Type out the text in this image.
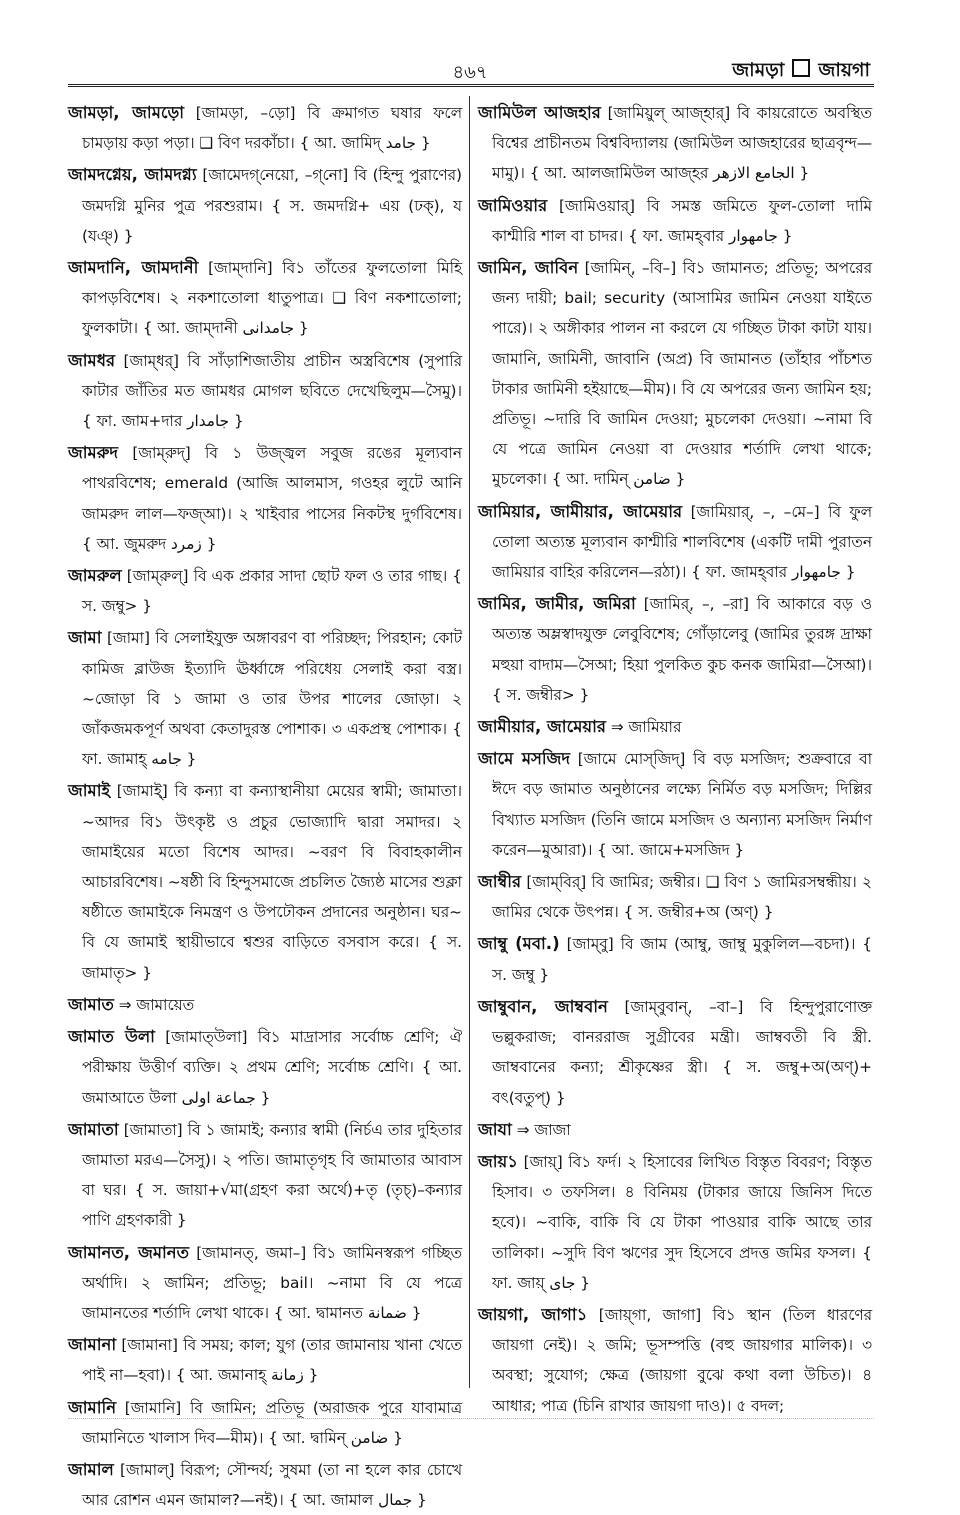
৪৬৭	জামড়া জায়গা

জামড়া, জামড়ো [জামড়া, –ড়ো] বি ক্রমাগত ঘষার ফলে চামড়ায় কড়া পড়া। ❑ বিণ দরকাঁচা। { আ. জামিদ্ جامد }

জামদগ্নেয়, জামদগ্ন্য [জামেদগ্‌নেয়ো, –গ্‌নো] বি (হিন্দু পুরাণের) জমদগ্নি মুনির পুত্র পরশুরাম। { স. জমদগ্নি+ এয় (ঢক্‌), য (যঞ্‌) }

জামদানি, জামদানী [জাম্‌দানি] বি১ তাঁতের ফুলতোলা মিহি কাপড়বিশেষ। ২ নকশাতোলা ধাতুপাত্র। ❑ বিণ নকশাতোলা; ফুলকাটা। { আ. জাম্‌দানী جامدانی }

জামধর [জাম্‌ধর্‌] বি সাঁড়াশিজাতীয় প্রাচীন অস্ত্রবিশেষ (সুপারি কাটার জাঁতির মত জামধর মোগল ছবিতে দেখেছিলুম—সৈমু)। { ফা. জাম+দার جامدار }

জামরুদ [জাম্‌রুদ্‌] বি ১ উজ্জ্বল সবুজ রঙের মূল্যবান পাথরবিশেষ; emerald (আজি আলমাস, গওহর লুটে আনি জামরুদ লাল—ফজ্‌আ)। ২ খাইবার পাসের নিকটস্থ দুর্গবিশেষ। { আ. জুমরুদ زمرد }

জামরুল [জাম্‌রুল্‌] বি এক প্রকার সাদা ছোট ফল ও তার গাছ। { স. জম্বু> }

জামা [জামা] বি সেলাইযুক্ত অঙ্গাবরণ বা পরিচ্ছদ; পিরহান; কোট কামিজ ব্লাউজ ইত্যাদি ঊর্ধ্বাঙ্গে পরিধেয় সেলাই করা বস্ত্র। ~জোড়া বি ১ জামা ও তার উপর শালের জোড়া। ২ জাঁকজমকপূর্ণ অথবা কেতাদুরস্ত পোশাক। ৩ একপ্রস্থ পোশাক। { ফা. জামাহ্‌ جامه }

জামাই [জামাই্‌] বি কন্যা বা কন্যাস্থানীয়া মেয়ের স্বামী; জামাতা। ~আদর বি১ উৎকৃষ্ট ও প্রচুর ভোজ্যাদি দ্বারা সমাদর। ২ জামাইয়ের মতো বিশেষ আদর। ~বরণ বি বিবাহকালীন আচারবিশেষ। ~ষষ্ঠী বি হিন্দুসমাজে প্রচলিত জ্যৈষ্ঠ মাসের শুক্লা ষষ্ঠীতে জামাইকে নিমন্ত্রণ ও উপঢৌকন প্রদানের অনুষ্ঠান। ঘর~ বি যে জামাই স্থায়ীভাবে শ্বশুর বাড়িতে বসবাস করে। { স. জামাতৃ> }

জামাত ⇒ জামায়েত

জামাত উলা [জামাত্‌উলা] বি১ মাদ্রাসার সর্বোচ্চ শ্রেণি; ঐ পরীক্ষায় উত্তীর্ণ ব্যক্তি। ২ প্রথম শ্রেণি; সর্বোচ্চ শ্রেণি। { আ. জমাআতে উলা جماعة اولی }

জামাতা [জামাতা] বি ১ জামাই; কন্যার স্বামী (নির্চএ তার দুহিতার জামাতা মরএ—সৈসু)। ২ পতি। জামাতৃগৃহ বি জামাতার আবাস বা ঘর। { স. জায়া+√মা(গ্রহণ করা অর্থে)+তৃ (তৃচ্‌)–কন্যার পাণি গ্রহণকারী }

জামানত, জমানত [জামানত্‌, জমা–] বি১ জামিনস্বরূপ গচ্ছিত অর্থাদি। ২ জামিন; প্রতিভূ; bail। ~নামা বি যে পত্রে জামানতের শর্তাদি লেখা থাকে। { আ. দ্বামানত ضمانة }

জামানা [জামানা] বি সময়; কাল; যুগ (তার জামানায় খানা খেতে পাই না—হবা)। { আ. জমানাহ্‌ زمانة }

জামানি [জামানি] বি জামিন; প্রতিভূ (অরাজক পুরে যাবামাত্র জামানিতে খালাস দিব—মীম)। { আ. দ্বামিন্‌ ضامن }

জামাল [জামাল্‌] বিরূপ; সৌন্দর্য; সুষমা (তা না হলে কার চোখে আর রোশন এমন জামাল?—নই)। { আ. জামাল جمال }

জামিউল আজহার [জামিয়ুল্‌ আজ্‌হার্‌] বি কায়রোতে অবস্থিত বিশ্বের প্রাচীনতম বিশ্ববিদ্যালয় (জামিউল আজহারের ছাত্রবৃন্দ—মামু)। { আ. আলজামিউল আজ্‌হর الجامع الازهر }

জামিওয়ার [জামিওয়ার্‌] বি সমস্ত জমিতে ফুল-তোলা দামি কাশ্মীরি শাল বা চাদর। { ফা. জামহ্‌বার جامهوار }

জামিন, জাবিন [জামিন্‌, –বি–] বি১ জামানত; প্রতিভূ; অপরের জন্য দায়ী; bail; security (আসামির জামিন নেওয়া যাইতে পারে)। ২ অঙ্গীকার পালন না করলে যে গচ্ছিত টাকা কাটা যায়। জামানি, জামিনী, জাবানি (অপ্র) বি জামানত (তাঁহার পাঁচশত টাকার জামিনী হইয়াছে—মীম)। বি যে অপরের জন্য জামিন হয়; প্রতিভূ। ~দারি বি জামিন দেওয়া; মুচলেকা দেওয়া। ~নামা বি যে পত্রে জামিন নেওয়া বা দেওয়ার শর্তাদি লেখা থাকে; মুচলেকা। { আ. দামিন্‌ ضامن }

জামিয়ার, জামীয়ার, জামেয়ার [জামিয়ার্‌, –, –মে–] বি ফুল তোলা অত্যন্ত মূল্যবান কাশ্মীরি শালবিশেষ (একটি দামী পুরাতন জামিয়ার বাহির করিলেন—রঠা)। { ফা. জামহ্‌বার جامهوار }

জামির, জামীর, জমিরা [জামির্‌, –, –রা] বি আকারে বড় ও অত্যন্ত অম্লস্বাদযুক্ত লেবুবিশেষ; গোঁড়ালেবু (জামির তুরঙ্গ দ্রাক্ষা মহুয়া বাদাম—সৈআ; হিয়া পুলকিত কুচ কনক জামিরা—সৈআ)। { স. জম্বীর> }

জামীয়ার, জামেয়ার ⇒ জামিয়ার

জামে মসজিদ [জামে মোস্‌জিদ্‌] বি বড় মসজিদ; শুক্রবারে বা ঈদে বড় জামাত অনুষ্ঠানের লক্ষ্যে নির্মিত বড় মসজিদ; দিল্লির বিখ্যাত মসজিদ (তিনি জামে মসজিদ ও অন্যান্য মসজিদ নির্মাণ করেন—মুআরা)। { আ. জামে+মসজিদ }

জাম্বীর [জাম্‌বির্‌] বি জামির; জম্বীর। ❑ বিণ ১ জামিরসম্বন্ধীয়। ২ জামির থেকে উৎপন্ন। { স. জম্বীর+অ (অণ্‌) }

জাম্বু (মবা.) [জাম্‌বু] বি জাম (আম্বু, জাম্বু মুকুলিল—বচদা)। { স. জম্বু }

জাম্বুবান, জাম্ববান [জাম্‌বুবান্‌, –বা–] বি হিন্দুপুরাণোক্ত ভল্লুকরাজ; বানররাজ সুগ্রীবের মন্ত্রী। জাম্ববতী বি স্ত্রী. জাম্ববানের কন্যা; শ্রীকৃষ্ণের স্ত্রী। { স. জম্বু+অ(অণ্‌)+ বৎ(বতুপ্‌) }

জাযা ⇒ জাজা

জায়১ [জায়্‌] বি১ ফর্দ। ২ হিসাবের লিখিত বিস্তৃত বিবরণ; বিস্তৃত হিসাব। ৩ তফসিল। ৪ বিনিময় (টাকার জায়ে জিনিস দিতে হবে)। ~বাকি, বাকি বি যে টাকা পাওয়ার বাকি আছে তার তালিকা। ~সুদি বিণ ঋণের সুদ হিসেবে প্রদত্ত জমির ফসল। { ফা. জায়্‌ جای }

জায়গা, জাগা১ [জায়্‌গা, জাগা] বি১ স্থান (তিল ধারণের জায়গা নেই)। ২ জমি; ভূসম্পত্তি (বহু জায়গার মালিক)। ৩ অবস্থা; সুযোগ; ক্ষেত্র (জায়গা বুঝে কথা বলা উচিত)। ৪ আধার; পাত্র (চিনি রাখার জায়গা দাও)। ৫ বদল;
